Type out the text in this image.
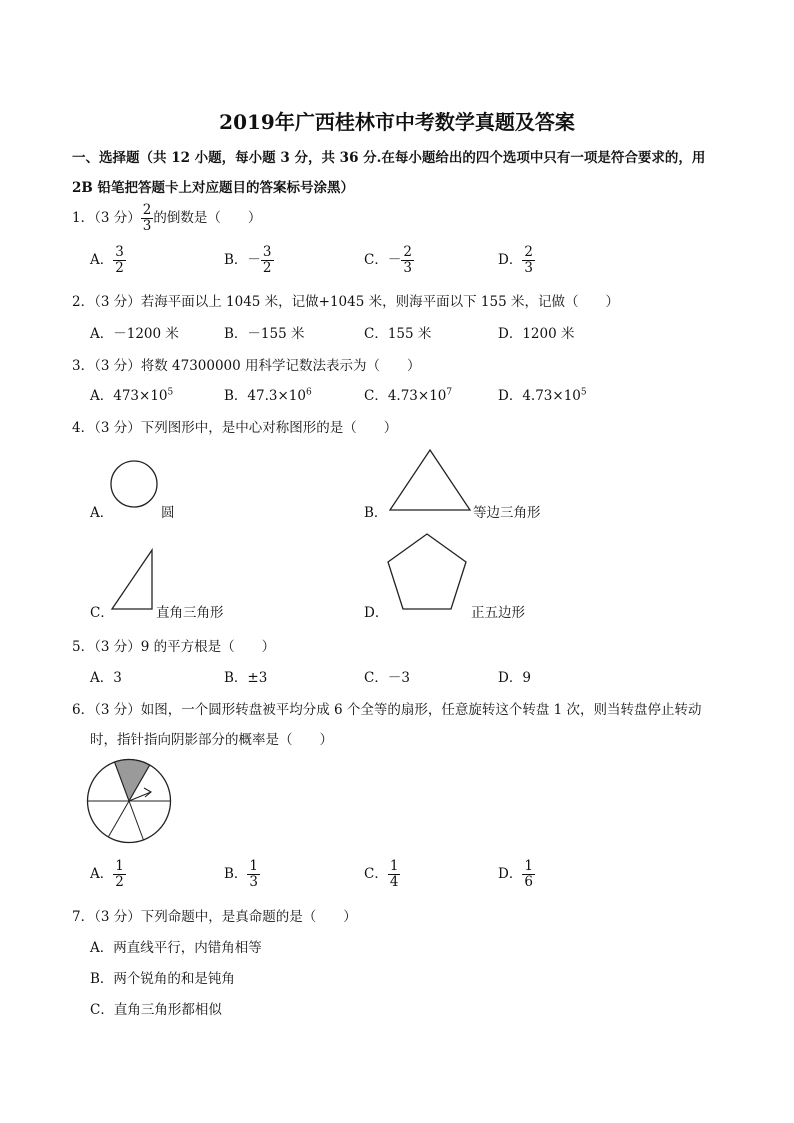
2019年广西桂林市中考数学真题及答案
一、选择题（共 12 小题，每小题 3 分，共 36 分.在每小题给出的四个选项中只有一项是符合要求的，用
2B 铅笔把答题卡上对应题目的答案标号涂黑）
1．（3 分） $\frac{2}{3}$ 的倒数是（　　）
A． $\frac{3}{2}$	B．－ $\frac{3}{2}$	C．－ $\frac{2}{3}$	D． $\frac{2}{3}$
2．（3 分）若海平面以上 1045 米，记做+1045 米，则海平面以下 155 米，记做（　　）
A．－1200 米	B．－155 米	C．155 米	D．1200 米
3．（3 分）将数 47300000 用科学记数法表示为（　　）
A．$473\times 10^5$	B．$47.3\times 10^6$	C．$4.73\times 10^7$	D．$4.73\times 10^5$
4．（3 分）下列图形中，是中心对称图形的是（　　）
A．	圆	B．	等边三角形
C．	直角三角形	D．	正五边形
5．（3 分）9 的平方根是（　　）
A．3	B．±3	C．－3	D．9
6．（3 分）如图，一个圆形转盘被平均分成 6 个全等的扇形，任意旋转这个转盘 1 次，则当转盘停止转动
时，指针指向阴影部分的概率是（　　）
A． $\frac{1}{2}$	B． $\frac{1}{3}$	C． $\frac{1}{4}$	D． $\frac{1}{6}$
7．（3 分）下列命题中，是真命题的是（　　）
A．两直线平行，内错角相等
B．两个锐角的和是钝角
C．直角三角形都相似
